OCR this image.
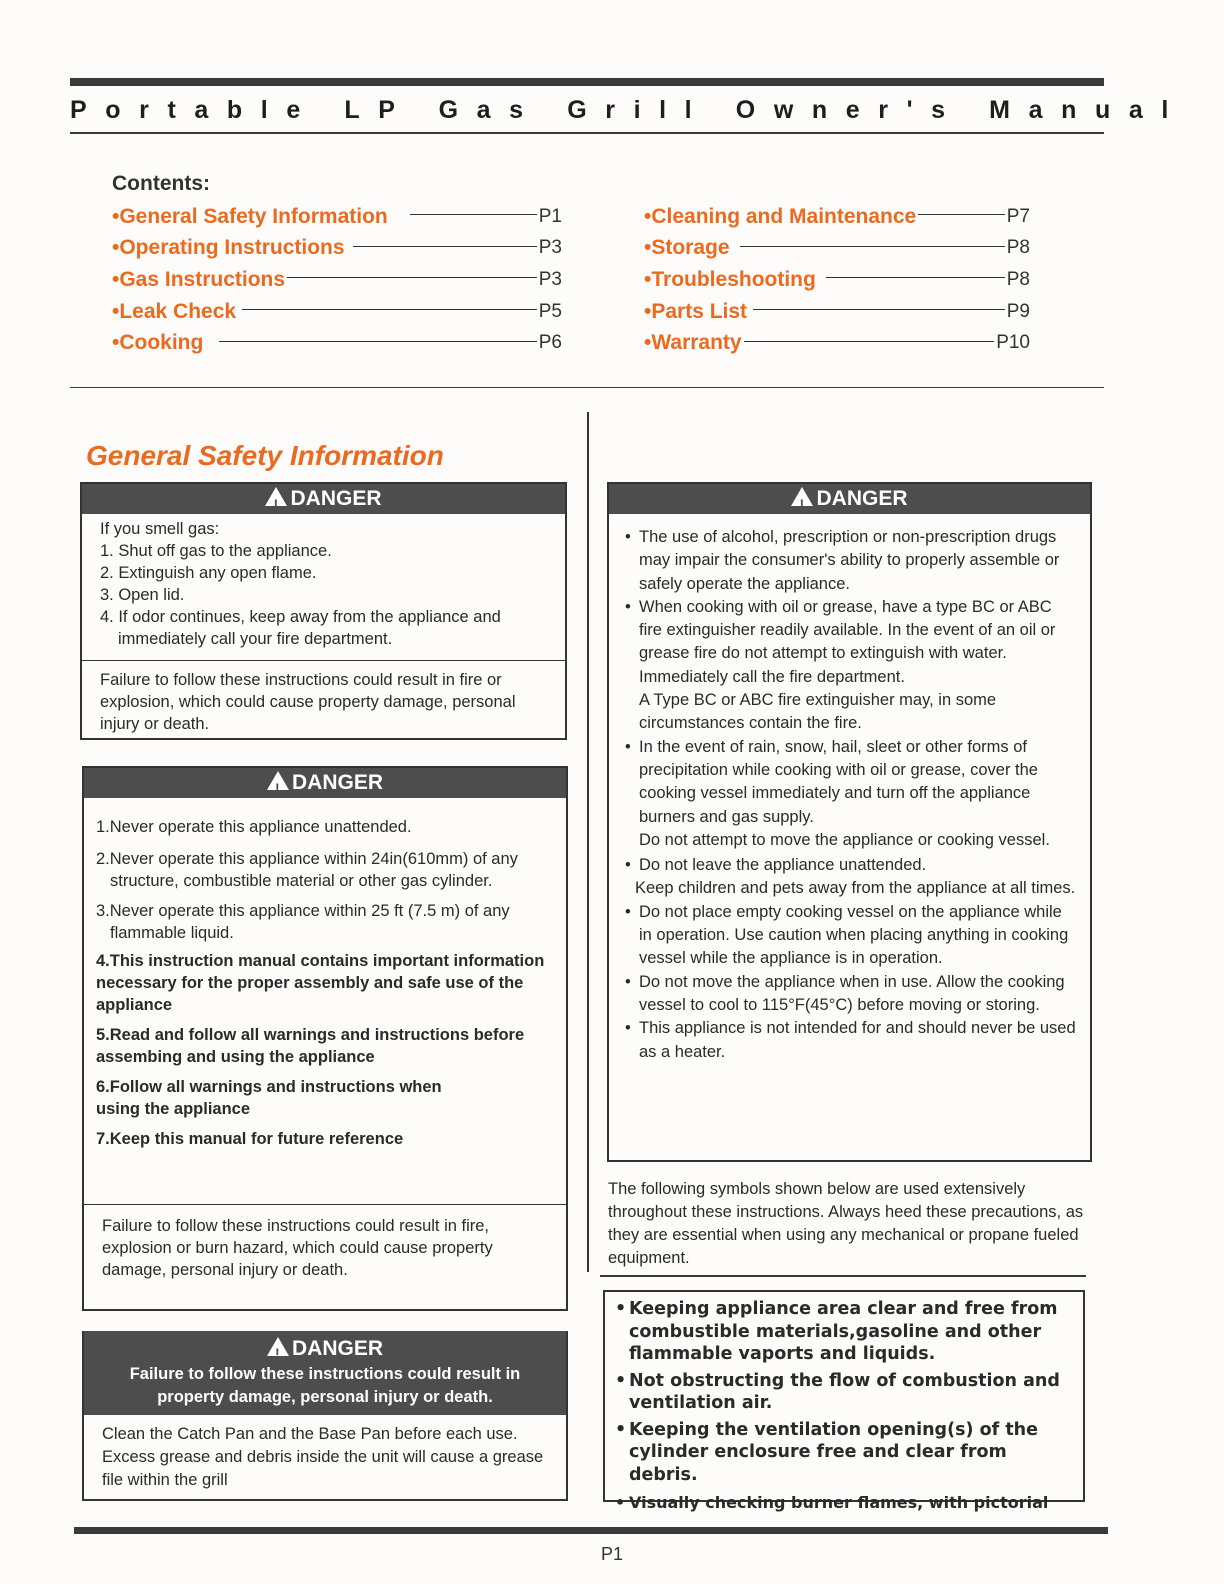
Portable LP Gas Grill Owner's Manual
Contents:
•General Safety Information	P1
•Operating Instructions	P3
•Gas Instructions	P3
•Leak Check	P5
•Cooking	P6
•Cleaning and Maintenance	P7
•Storage	P8
•Troubleshooting	P8
•Parts List	P9
•Warranty	P10
General Safety Information
!DANGER
If you smell gas:
1. Shut off gas to the appliance.
2. Extinguish any open flame.
3. Open lid.
4. If odor continues, keep away from the appliance and
immediately call your fire department.
Failure to follow these instructions could result in fire or explosion, which could cause property damage, personal injury or death.
!DANGER
1.Never operate this appliance unattended.
2.Never operate this appliance within 24in(610mm) of any structure, combustible material or other gas cylinder.
3.Never operate this appliance within 25 ft (7.5 m) of any flammable liquid.
4.This instruction manual contains important information necessary for the proper assembly and safe use of the appliance
5.Read and follow all warnings and instructions before assembing and using the appliance
6.Follow all warnings and instructions when using the appliance
7.Keep this manual for future reference
Failure to follow these instructions could result in fire, explosion or burn hazard, which could cause property damage, personal injury or death.
!DANGER
Failure to follow these instructions could result in property damage, personal injury or death.
Clean the Catch Pan and the Base Pan before each use. Excess grease and debris inside the unit will cause a grease file within the grill
!DANGER
• The use of alcohol, prescription or non-prescription drugs may impair the consumer's ability to properly assemble or safely operate the appliance.
• When cooking with oil or grease, have a type BC or ABC fire extinguisher readily available. In the event of an oil or grease fire do not attempt to extinguish with water. Immediately call the fire department.
A Type BC or ABC fire extinguisher may, in some circumstances contain the fire.
• In the event of rain, snow, hail, sleet or other forms of precipitation while cooking with oil or grease, cover the cooking vessel immediately and turn off the appliance burners and gas supply.
Do not attempt to move the appliance or cooking vessel.
• Do not leave the appliance unattended.
Keep children and pets away from the appliance at all times.
• Do not place empty cooking vessel on the appliance while in operation. Use caution when placing anything in cooking vessel while the appliance is in operation.
• Do not move the appliance when in use. Allow the cooking vessel to cool to 115°F(45°C) before moving or storing.
• This appliance is not intended for and should never be used as a heater.
The following symbols shown below are used extensively throughout these instructions. Always heed these precautions, as they are essential when using any mechanical or propane fueled equipment.
• Keeping appliance area clear and free from combustible materials,gasoline and other flammable vaports and liquids.
• Not obstructing the flow of combustion and ventilation air.
• Keeping the ventilation opening(s) of the cylinder enclosure free and clear from debris.
• Visually checking burner flames, with pictorial
P1
